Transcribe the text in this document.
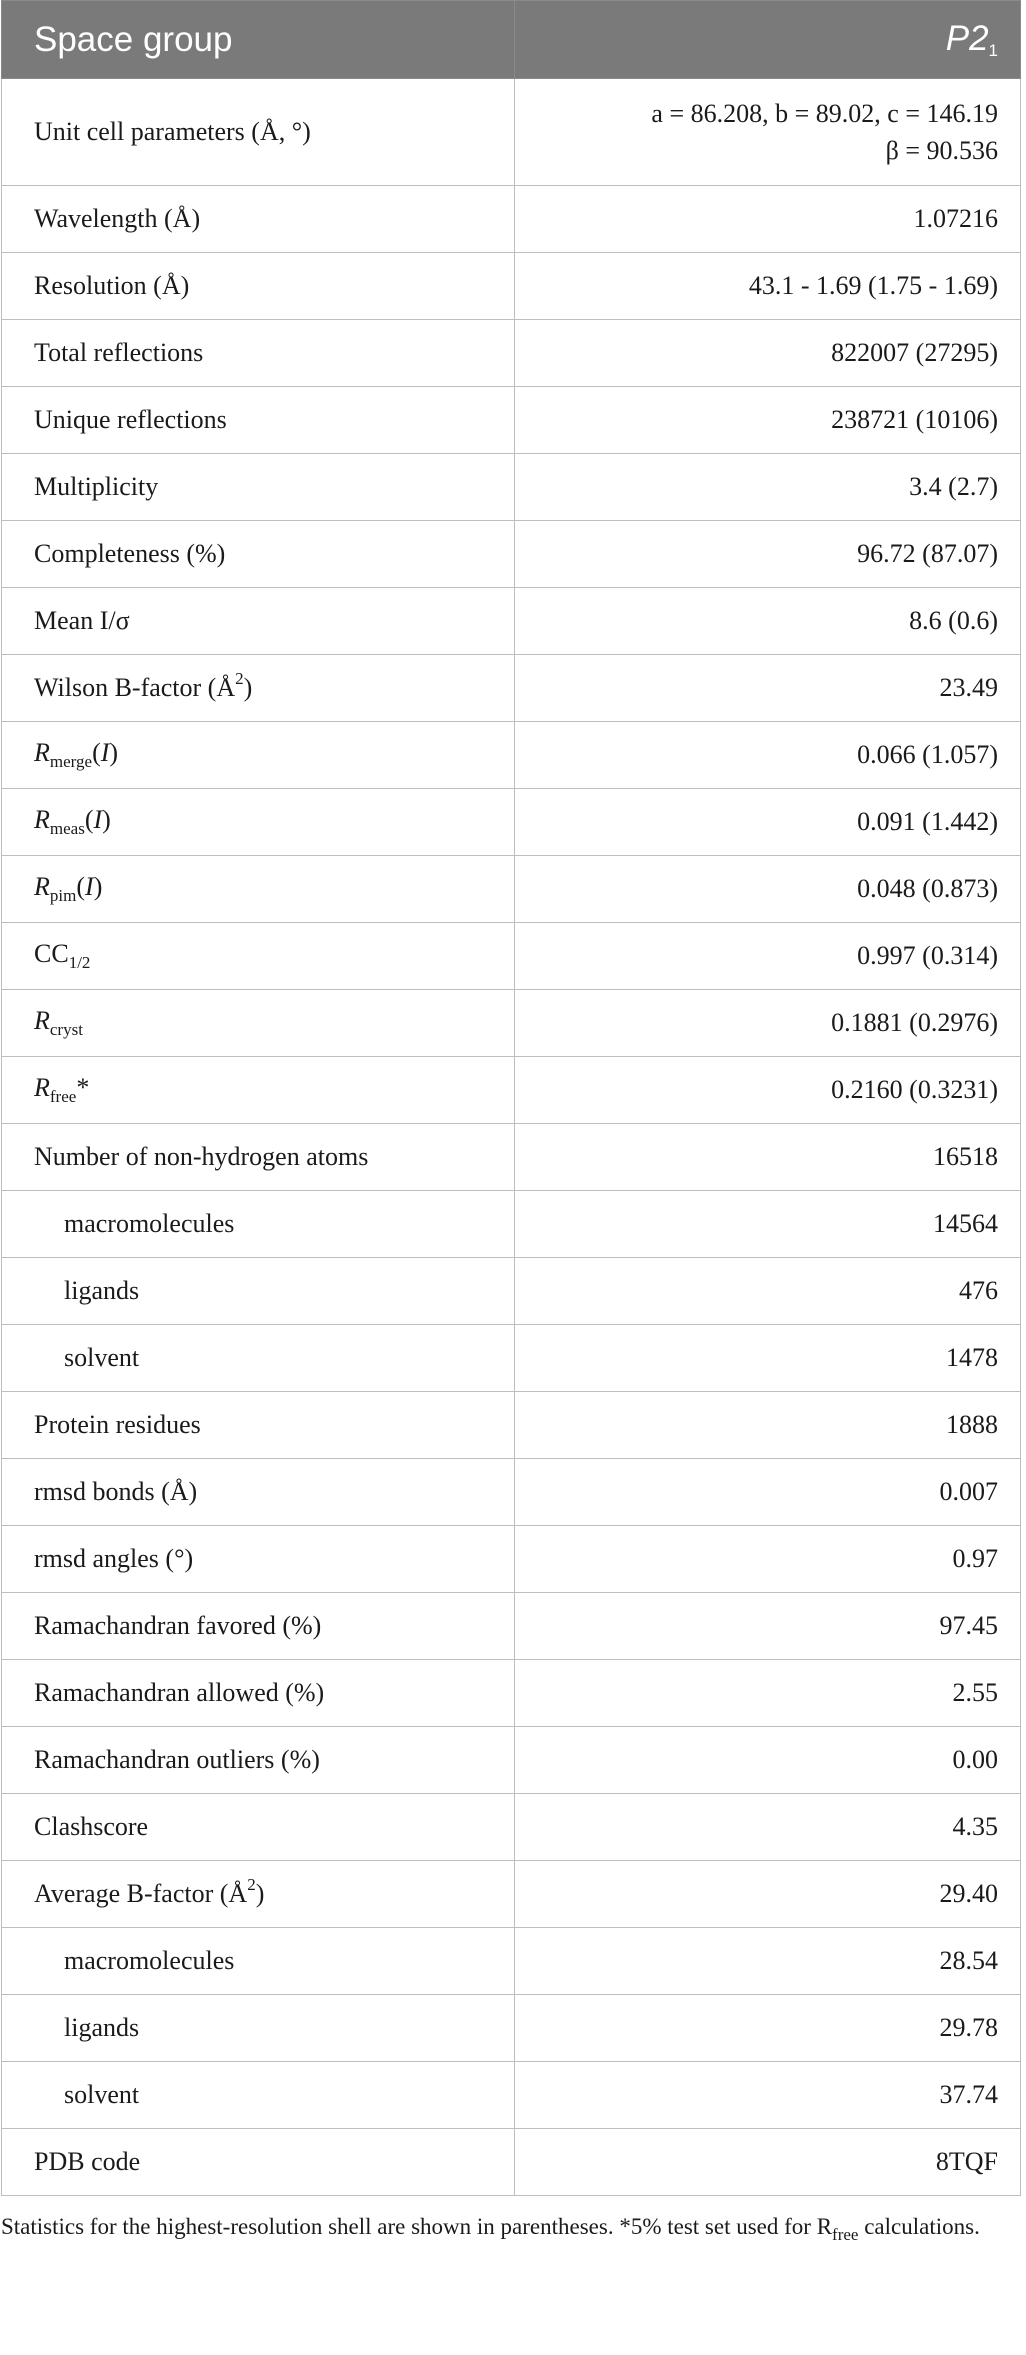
Space group	$P2_1$
Unit cell parameters (Å, °)	a = 86.208, b = 89.02, c = 146.19
β = 90.536

Wavelength (Å)	1.07216
Resolution (Å)	43.1 - 1.69 (1.75 - 1.69)
Total reflections	822007 (27295)
Unique reflections	238721 (10106)
Multiplicity	3.4 (2.7)
Completeness (%)	96.72 (87.07)
Mean I/σ	8.6 (0.6)
Wilson B-factor $(Å^2)$	23.49
$R_{merge}(I)$	0.066 (1.057)
$R_{meas}(I)$	0.091 (1.442)
$R_{pim}(I)$	0.048 (0.873)
$CC_{1/2}$	0.997 (0.314)
$R_{cryst}$	0.1881 (0.2976)
$R_{free}*$	0.2160 (0.3231)
Number of non-hydrogen atoms	16518
macromolecules	14564
ligands	476
solvent	1478
Protein residues	1888
rmsd bonds (Å)	0.007
rmsd angles (°)	0.97
Ramachandran favored (%)	97.45
Ramachandran allowed (%)	2.55
Ramachandran outliers (%)	0.00
Clashscore	4.35
Average B-factor $(Å^2)$	29.40
macromolecules	28.54
ligands	29.78
solvent	37.74
PDB code	8TQF
Statistics for the highest-resolution shell are shown in parentheses. *5% test set used for $R_{free}$ calculations.
